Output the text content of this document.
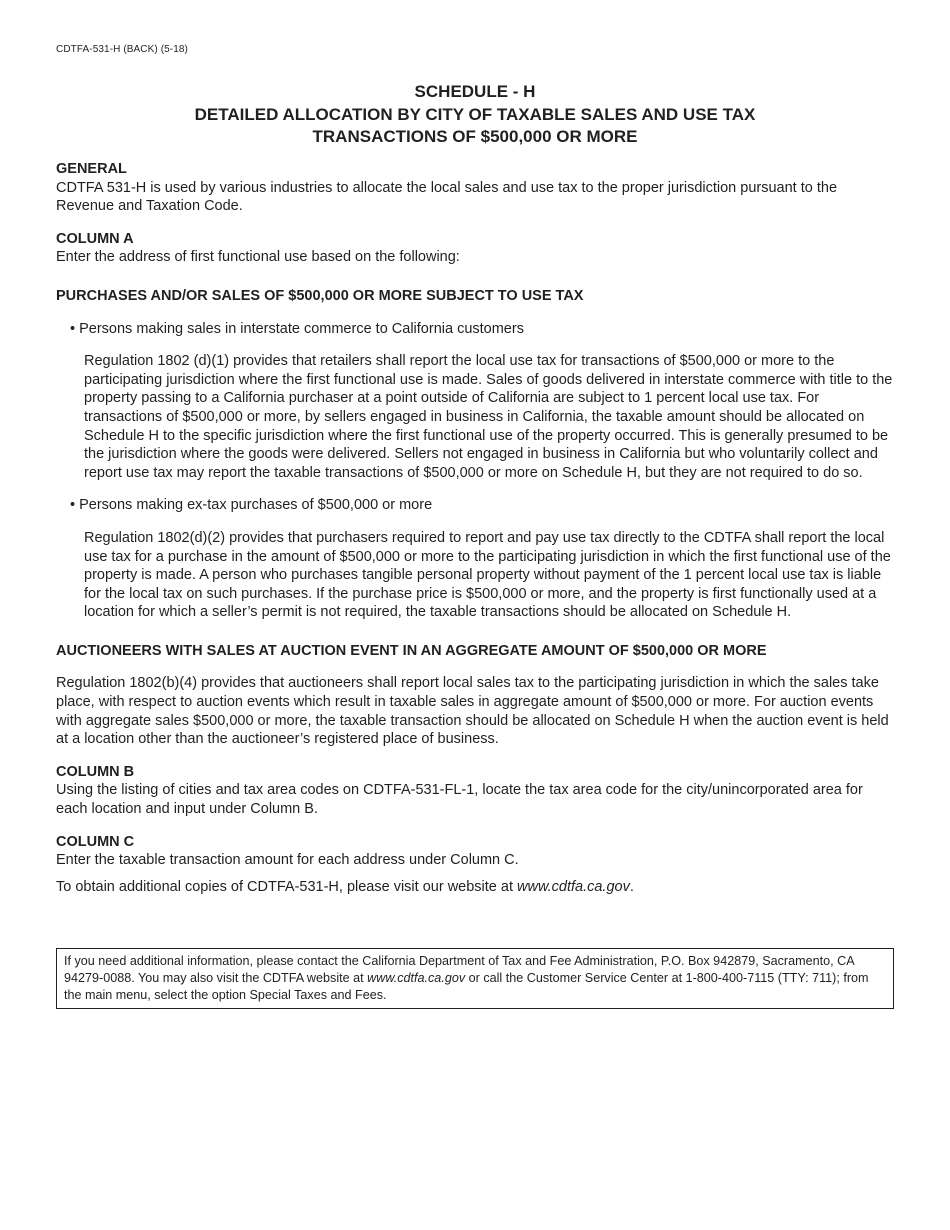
CDTFA-531-H (BACK) (5-18)
SCHEDULE - H
DETAILED ALLOCATION BY CITY OF TAXABLE SALES AND USE TAX
TRANSACTIONS OF $500,000 OR MORE
GENERAL

CDTFA 531-H is used by various industries to allocate the local sales and use tax to the proper jurisdiction pursuant to the Revenue and Taxation Code.

COLUMN A

Enter the address of first functional use based on the following:

PURCHASES AND/OR SALES OF $500,000 OR MORE SUBJECT TO USE TAX

• Persons making sales in interstate commerce to California customers

Regulation 1802 (d)(1) provides that retailers shall report the local use tax for transactions of $500,000 or more to the participating jurisdiction where the first functional use is made. Sales of goods delivered in interstate commerce with title to the property passing to a California purchaser at a point outside of California are subject to 1 percent local use tax. For transactions of $500,000 or more, by sellers engaged in business in California, the taxable amount should be allocated on Schedule H to the specific jurisdiction where the first functional use of the property occurred. This is generally presumed to be the jurisdiction where the goods were delivered. Sellers not engaged in business in California but who voluntarily collect and report use tax may report the taxable transactions of $500,000 or more on Schedule H, but they are not required to do so.

• Persons making ex-tax purchases of $500,000 or more

Regulation 1802(d)(2) provides that purchasers required to report and pay use tax directly to the CDTFA shall report the local use tax for a purchase in the amount of $500,000 or more to the participating jurisdiction in which the first functional use of the property is made. A person who purchases tangible personal property without payment of the 1 percent local use tax is liable for the local tax on such purchases. If the purchase price is $500,000 or more, and the property is first functionally used at a location for which a seller’s permit is not required, the taxable transactions should be allocated on Schedule H.

AUCTIONEERS WITH SALES AT AUCTION EVENT IN AN AGGREGATE AMOUNT OF $500,000 OR MORE

Regulation 1802(b)(4) provides that auctioneers shall report local sales tax to the participating jurisdiction in which the sales take place, with respect to auction events which result in taxable sales in aggregate amount of $500,000 or more. For auction events with aggregate sales $500,000 or more, the taxable transaction should be allocated on Schedule H when the auction event is held at a location other than the auctioneer’s registered place of business.

COLUMN B

Using the listing of cities and tax area codes on CDTFA-531-FL-1, locate the tax area code for the city/unincorporated area for each location and input under Column B.

COLUMN C

Enter the taxable transaction amount for each address under Column C.

To obtain additional copies of CDTFA-531-H, please visit our website at www.cdtfa.ca.gov.

If you need additional information, please contact the California Department of Tax and Fee Administration, P.O. Box 942879, Sacramento, CA 94279-0088. You may also visit the CDTFA website at www.cdtfa.ca.gov or call the Customer Service Center at 1-800-400-7115 (TTY: 711); from the main menu, select the option Special Taxes and Fees.
